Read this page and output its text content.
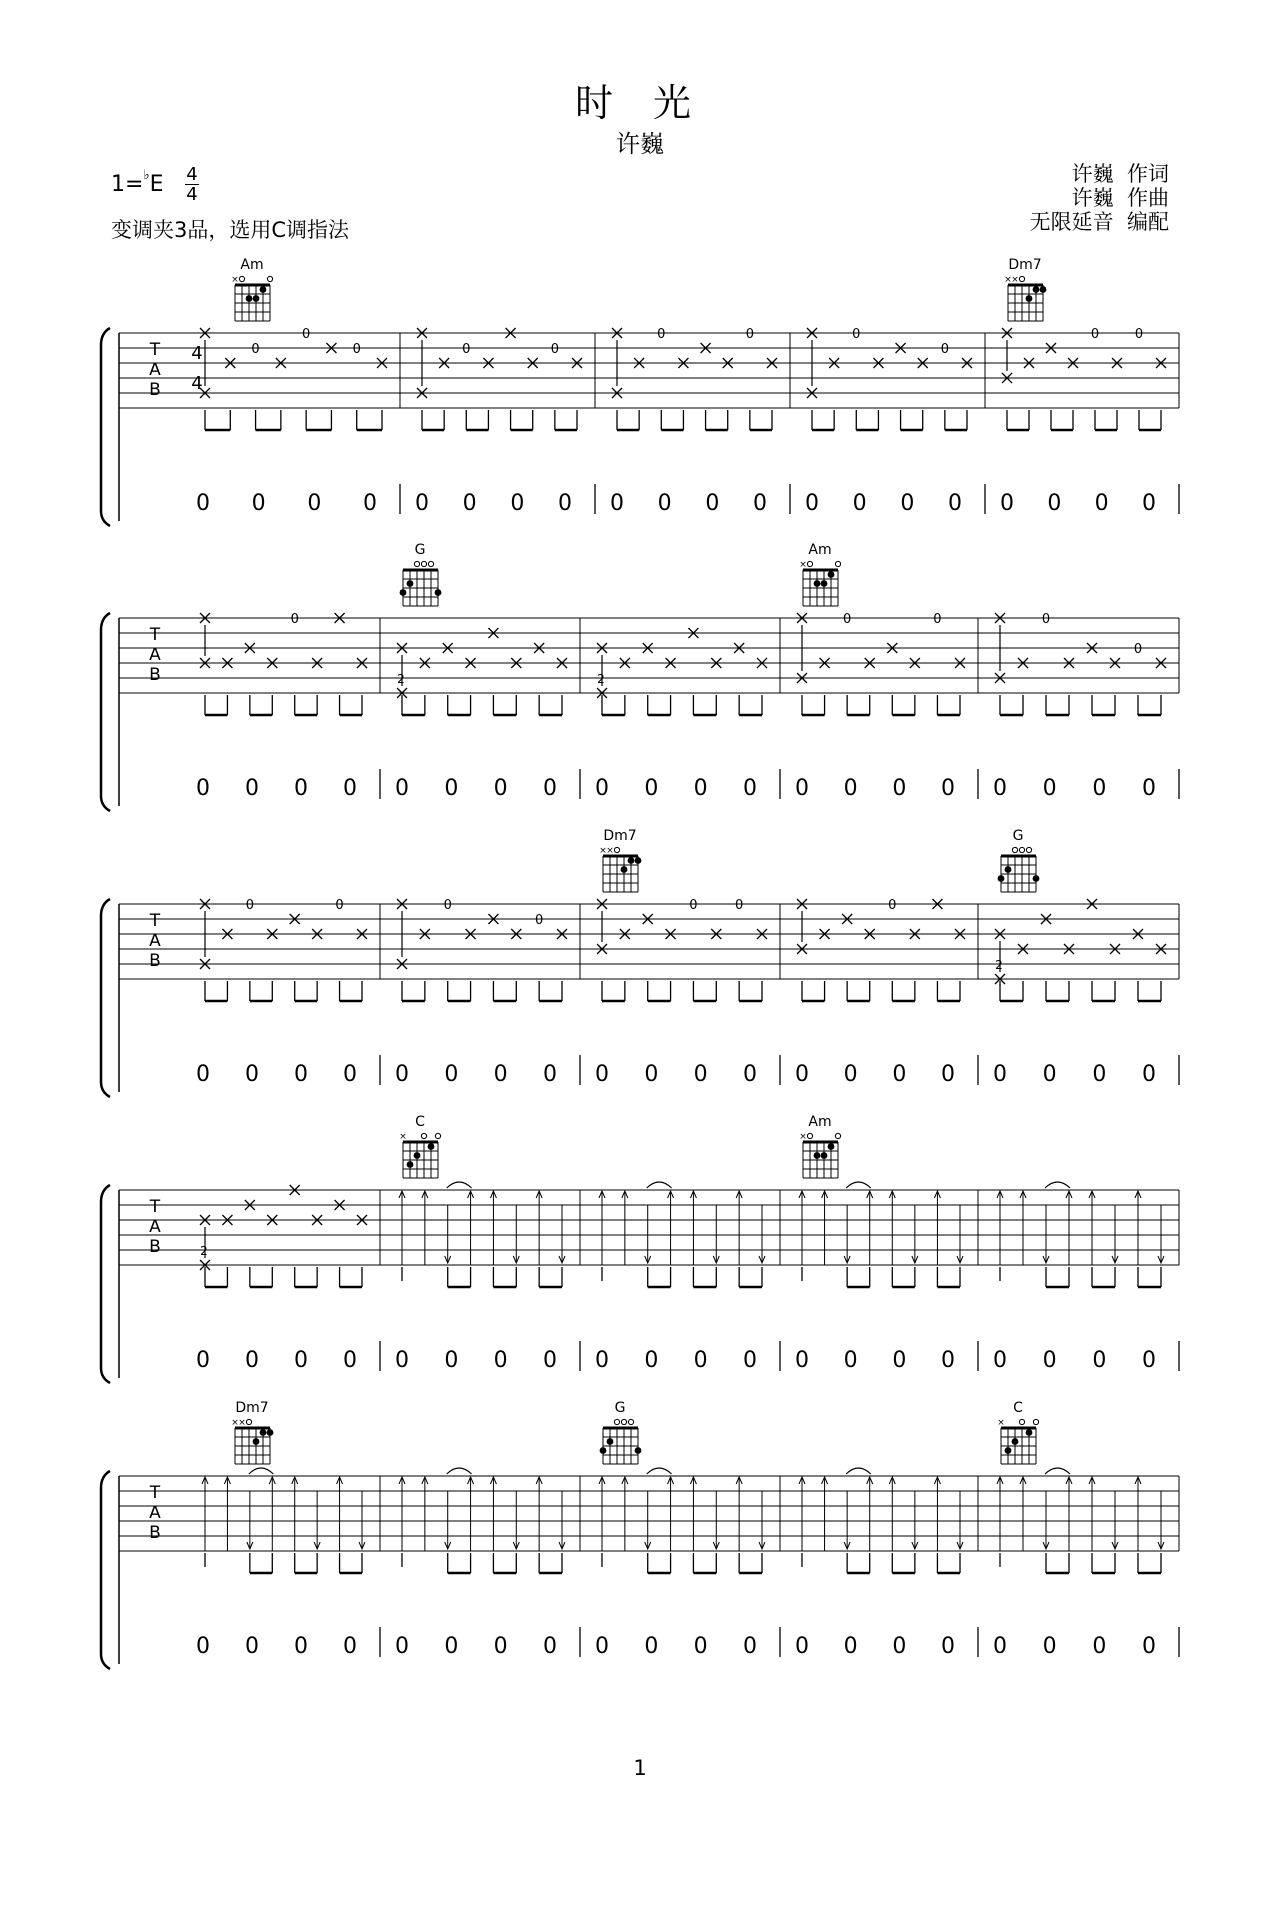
时 光
许巍
1=♭E 4
4
变调夹3品，选用C调指法
许巍  作词
许巍  作曲
无限延音  编配
T
A
B
4
4
0
0
0
0 0 0 0
0	0
0 0 0 0
0	0
0 0 0 0
0
0
0 0 0 0
0	0
0 0 0 0
Am
×
Dm7
× ×
T
A
B
0
0 0 0 0
2
0 0 0 0
2
0 0 0 0
0	0
0 0 0 0
0
0
0 0 0 0
G	Am
×
T
A
B
0	0
0 0 0 0
0
0
0 0 0 0
0	0
0 0 0 0
0
0 0 0 0
2
0 0 0 0
Dm7
× ×
G
T
A
B	2
0 0 0 0 0 0 0 0 0 0 0 0 0 0 0 0 0 0 0 0
C
×
Am
×
T
A
B
0 0 0 0 0 0 0 0 0 0 0 0 0 0 0 0 0 0 0 0
Dm7
× ×
G	C
×
1
